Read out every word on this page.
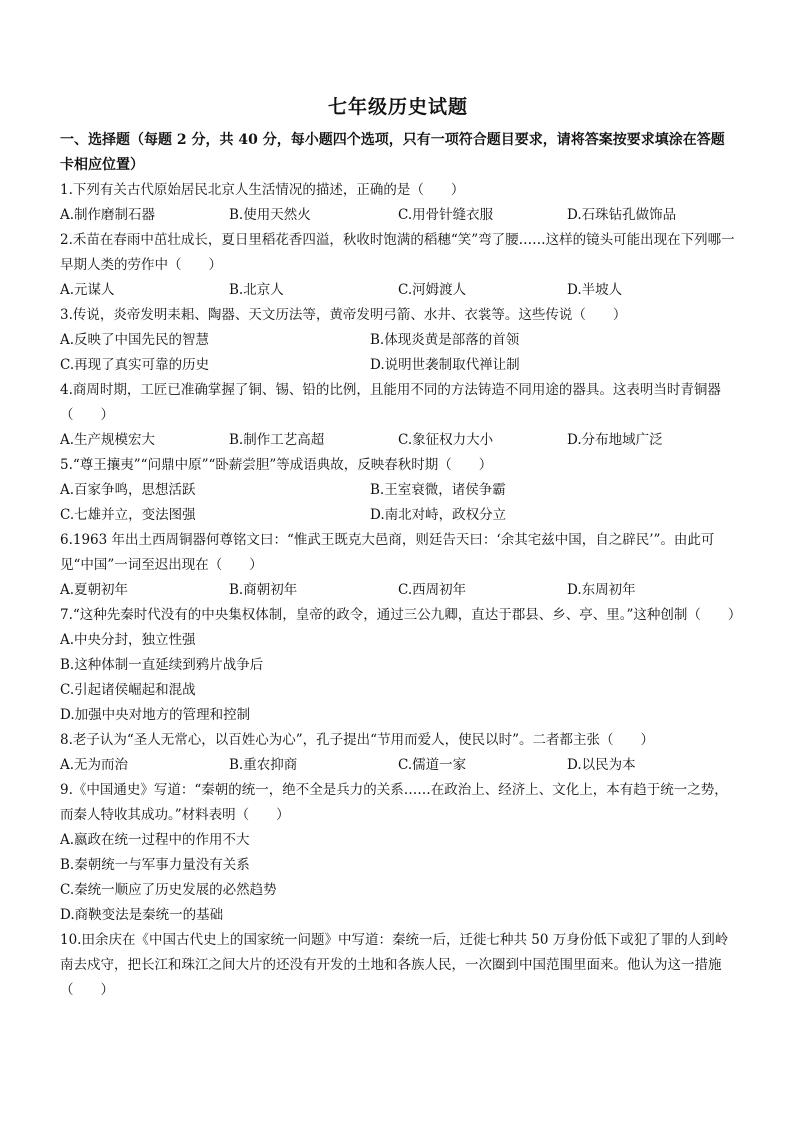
七年级历史试题
一、选择题（每题 2 分，共 40 分，每小题四个选项，只有一项符合题目要求，请将答案按要求填涂在答题卡相应位置）
1.下列有关古代原始居民北京人生活情况的描述，正确的是（　　）
A.制作磨制石器	B.使用天然火	C.用骨针缝衣服	D.石珠钻孔做饰品
2.禾苗在春雨中茁壮成长，夏日里稻花香四溢，秋收时饱满的稻穗“笑”弯了腰……这样的镜头可能出现在下列哪一早期人类的劳作中（　　）
A.元谋人	B.北京人	C.河姆渡人	D.半坡人
3.传说，炎帝发明耒耜、陶器、天文历法等，黄帝发明弓箭、水井、衣裳等。这些传说（　　）
A.反映了中国先民的智慧	B.体现炎黄是部落的首领
C.再现了真实可靠的历史	D.说明世袭制取代禅让制
4.商周时期，工匠已准确掌握了铜、锡、铅的比例，且能用不同的方法铸造不同用途的器具。这表明当时青铜器（　　）
A.生产规模宏大	B.制作工艺高超	C.象征权力大小	D.分布地域广泛
5.“尊王攘夷”“问鼎中原”“卧薪尝胆”等成语典故，反映春秋时期（　　）
A.百家争鸣，思想活跃	B.王室衰微，诸侯争霸
C.七雄并立，变法图强	D.南北对峙，政权分立
6.1963 年出土西周铜器何尊铭文曰：“惟武王既克大邑商，则廷告天曰：‘余其宅兹中国，自之辟民’”。由此可见“中国”一词至迟出现在（　　）
A.夏朝初年	B.商朝初年	C.西周初年	D.东周初年
7.“这种先秦时代没有的中央集权体制，皇帝的政令，通过三公九卿，直达于郡县、乡、亭、里。”这种创制（　　）
A.中央分封，独立性强
B.这种体制一直延续到鸦片战争后
C.引起诸侯崛起和混战
D.加强中央对地方的管理和控制
8.老子认为“圣人无常心，以百姓心为心”，孔子提出“节用而爱人，使民以时”。二者都主张（　　）
A.无为而治	B.重农抑商	C.儒道一家	D.以民为本
9.《中国通史》写道：“秦朝的统一，绝不全是兵力的关系……在政治上、经济上、文化上，本有趋于统一之势，而秦人特收其成功。”材料表明（　　）
A.嬴政在统一过程中的作用不大
B.秦朝统一与军事力量没有关系
C.秦统一顺应了历史发展的必然趋势
D.商鞅变法是秦统一的基础
10.田余庆在《中国古代史上的国家统一问题》中写道：秦统一后，迁徙七种共 50 万身份低下或犯了罪的人到岭南去戍守，把长江和珠江之间大片的还没有开发的土地和各族人民，一次圈到中国范围里面来。他认为这一措施（　　）
